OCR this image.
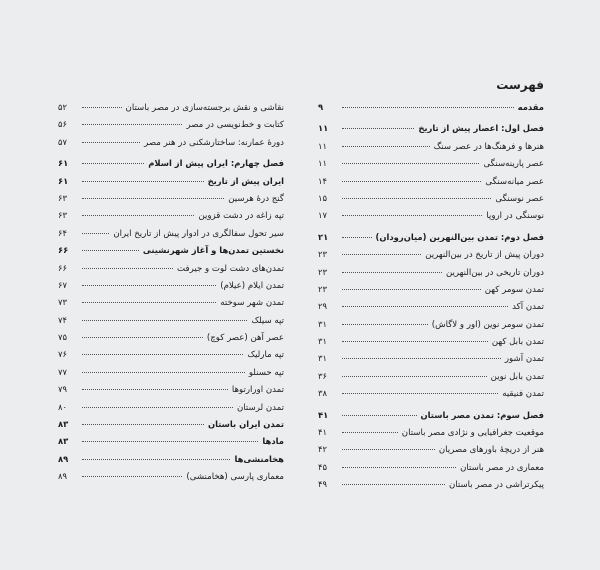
فهرست
مقدمه
۹
فصل اول: اعصار پیش از تاریخ
۱۱
هنرها و فرهنگ‌ها در عصر سنگ
۱۱
عصر پارینه‌سنگی
۱۱
عصر میانه‌سنگی
۱۴
عصر نوسنگی
۱۵
نوسنگی در اروپا
۱۷
فصل دوم: تمدن بین‌النهرین (میان‌رودان)
۲۱
دوران پیش از تاریخ در بین‌النهرین
۲۳
دوران تاریخی در بین‌النهرین
۲۳
تمدن سومر کهن
۲۳
تمدن آکد
۲۹
تمدن سومر نوین (اور و لاگاش)
۳۱
تمدن بابل کهن
۳۱
تمدن آشور
۳۱
تمدن بابل نوین
۳۶
تمدن فنیقیه
۳۸
فصل سوم: تمدن مصر باستان
۴۱
موقعیت جغرافیایی و نژادی مصر باستان
۴۱
هنر از دریچهٔ باورهای مصریان
۴۲
معماری در مصر باستان
۴۵
پیکرتراشی در مصر باستان
۴۹
نقاشی و نقش برجسته‌سازی در مصر باستان
۵۲
کتابت و خط‌نویسی در مصر
۵۶
دورهٔ عمارنه: ساختارشکنی در هنر مصر
۵۷
فصل چهارم: ایران پیش از اسلام
۶۱
ایران پیش از تاریخ
۶۱
گنج درهٔ هرسین
۶۳
تپه زاغه در دشت قزوین
۶۳
سیر تحول سفالگری در ادوار پیش از تاریخ ایران
۶۴
نخستین تمدن‌ها و آغاز شهرنشینی
۶۶
تمدن‌های دشت لوت و جیرفت
۶۶
تمدن ایلام (عیلام)
۶۷
تمدن شهر سوخته
۷۳
تپه سیلک
۷۴
عصر آهن (عصر کوچ)
۷۵
تپه مارلیک
۷۶
تپه حسنلو
۷۷
تمدن اورارتوها
۷۹
تمدن لرستان
۸۰
تمدن ایران باستان
۸۳
مادها
۸۳
هخامنشی‌ها
۸۹
معماری پارسی (هخامنشی)
۸۹
